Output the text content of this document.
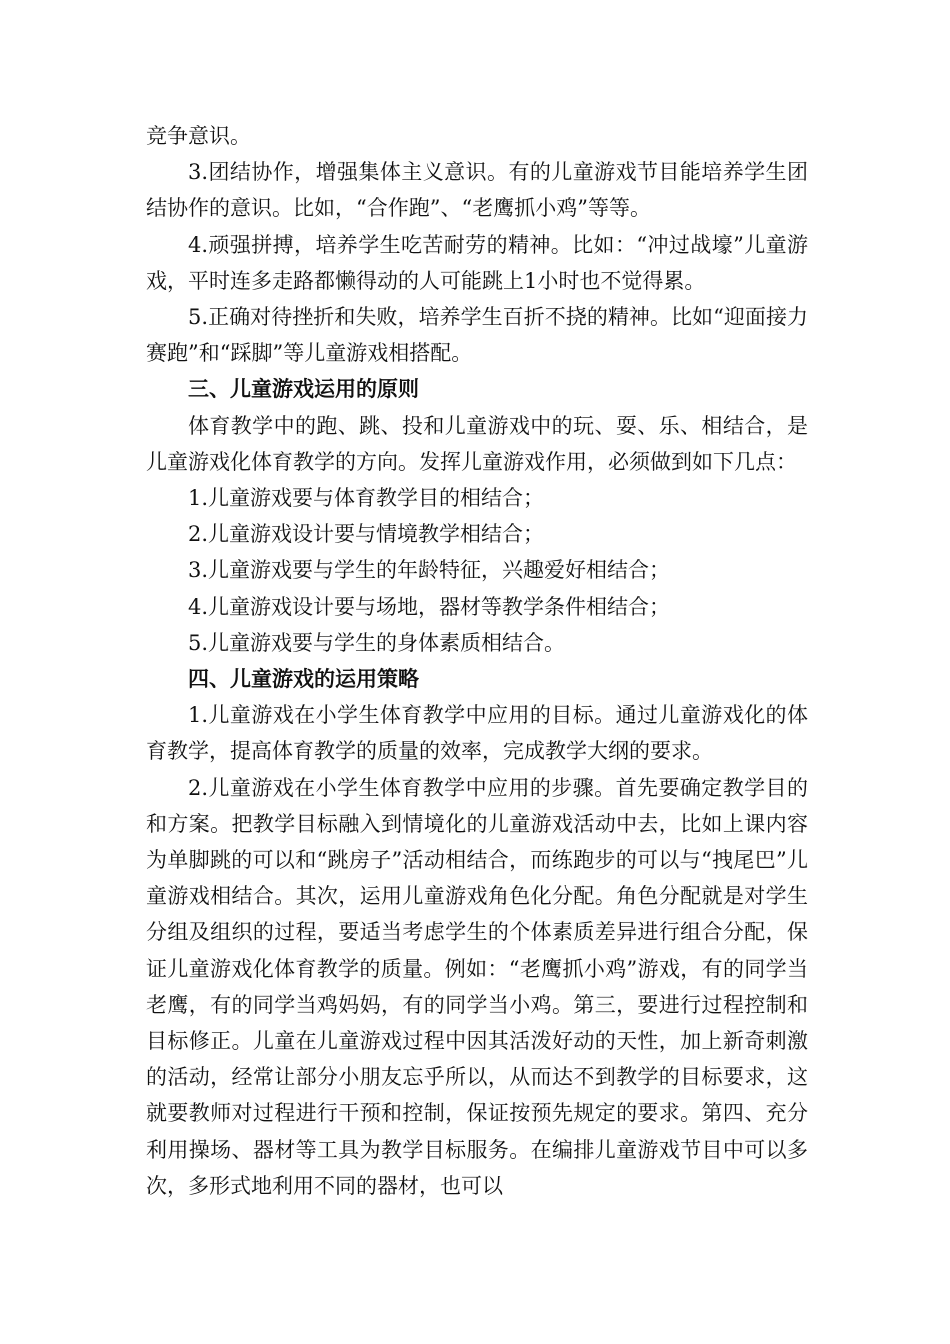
竞争意识。

3.团结协作，增强集体主义意识。有的儿童游戏节目能培养学生团结协作的意识。比如，“合作跑”、“老鹰抓小鸡”等等。

4.顽强拼搏，培养学生吃苦耐劳的精神。比如：“冲过战壕”儿童游戏，平时连多走路都懒得动的人可能跳上1小时也不觉得累。

5.正确对待挫折和失败，培养学生百折不挠的精神。比如“迎面接力赛跑”和“踩脚”等儿童游戏相搭配。

三、儿童游戏运用的原则

体育教学中的跑、跳、投和儿童游戏中的玩、耍、乐、相结合，是儿童游戏化体育教学的方向。发挥儿童游戏作用，必须做到如下几点：

1.儿童游戏要与体育教学目的相结合；

2.儿童游戏设计要与情境教学相结合；

3.儿童游戏要与学生的年龄特征，兴趣爱好相结合；

4.儿童游戏设计要与场地，器材等教学条件相结合；

5.儿童游戏要与学生的身体素质相结合。

四、儿童游戏的运用策略

1.儿童游戏在小学生体育教学中应用的目标。通过儿童游戏化的体育教学，提高体育教学的质量的效率，完成教学大纲的要求。

2.儿童游戏在小学生体育教学中应用的步骤。首先要确定教学目的和方案。把教学目标融入到情境化的儿童游戏活动中去，比如上课内容为单脚跳的可以和“跳房子”活动相结合，而练跑步的可以与“拽尾巴”儿童游戏相结合。其次，运用儿童游戏角色化分配。角色分配就是对学生分组及组织的过程，要适当考虑学生的个体素质差异进行组合分配，保证儿童游戏化体育教学的质量。例如：“老鹰抓小鸡”游戏，有的同学当老鹰，有的同学当鸡妈妈，有的同学当小鸡。第三，要进行过程控制和目标修正。儿童在儿童游戏过程中因其活泼好动的天性，加上新奇刺激的活动，经常让部分小朋友忘乎所以，从而达不到教学的目标要求，这就要教师对过程进行干预和控制，保证按预先规定的要求。第四、充分利用操场、器材等工具为教学目标服务。在编排儿童游戏节目中可以多次，多形式地利用不同的器材，也可以
